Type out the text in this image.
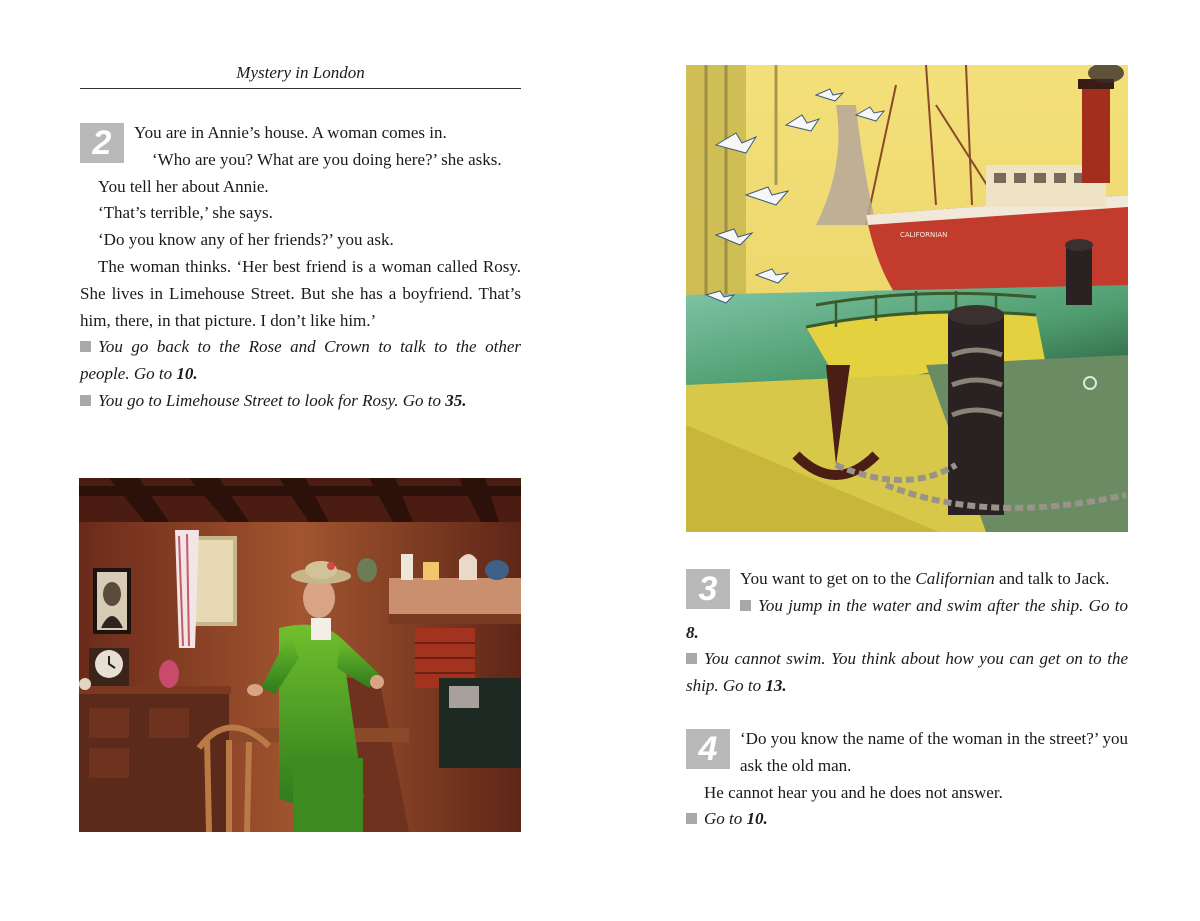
Mystery in London
2	You are in Annie’s house. A woman comes in.

‘Who are you? What are you doing here?’ she asks.

You tell her about Annie.

‘That’s terrible,’ she says.

‘Do you know any of her friends?’ you ask.

The woman thinks. ‘Her best friend is a woman called Rosy. She lives in Limehouse Street. But she has a boyfriend. That’s him, there, in that picture. I don’t like him.’

You go back to the Rose and Crown to talk to the other people. Go to 10.

You go to Limehouse Street to look for Rosy. Go to 35.

CALIFORNIAN
3	You want to get on to the Californian and talk to Jack.

You jump in the water and swim after the ship. Go to 8.

You cannot swim. You think about how you can get on to the ship. Go to 13.

4	‘Do you know the name of the woman in the street?’ you ask the old man.

He cannot hear you and he does not answer.

Go to 10.
